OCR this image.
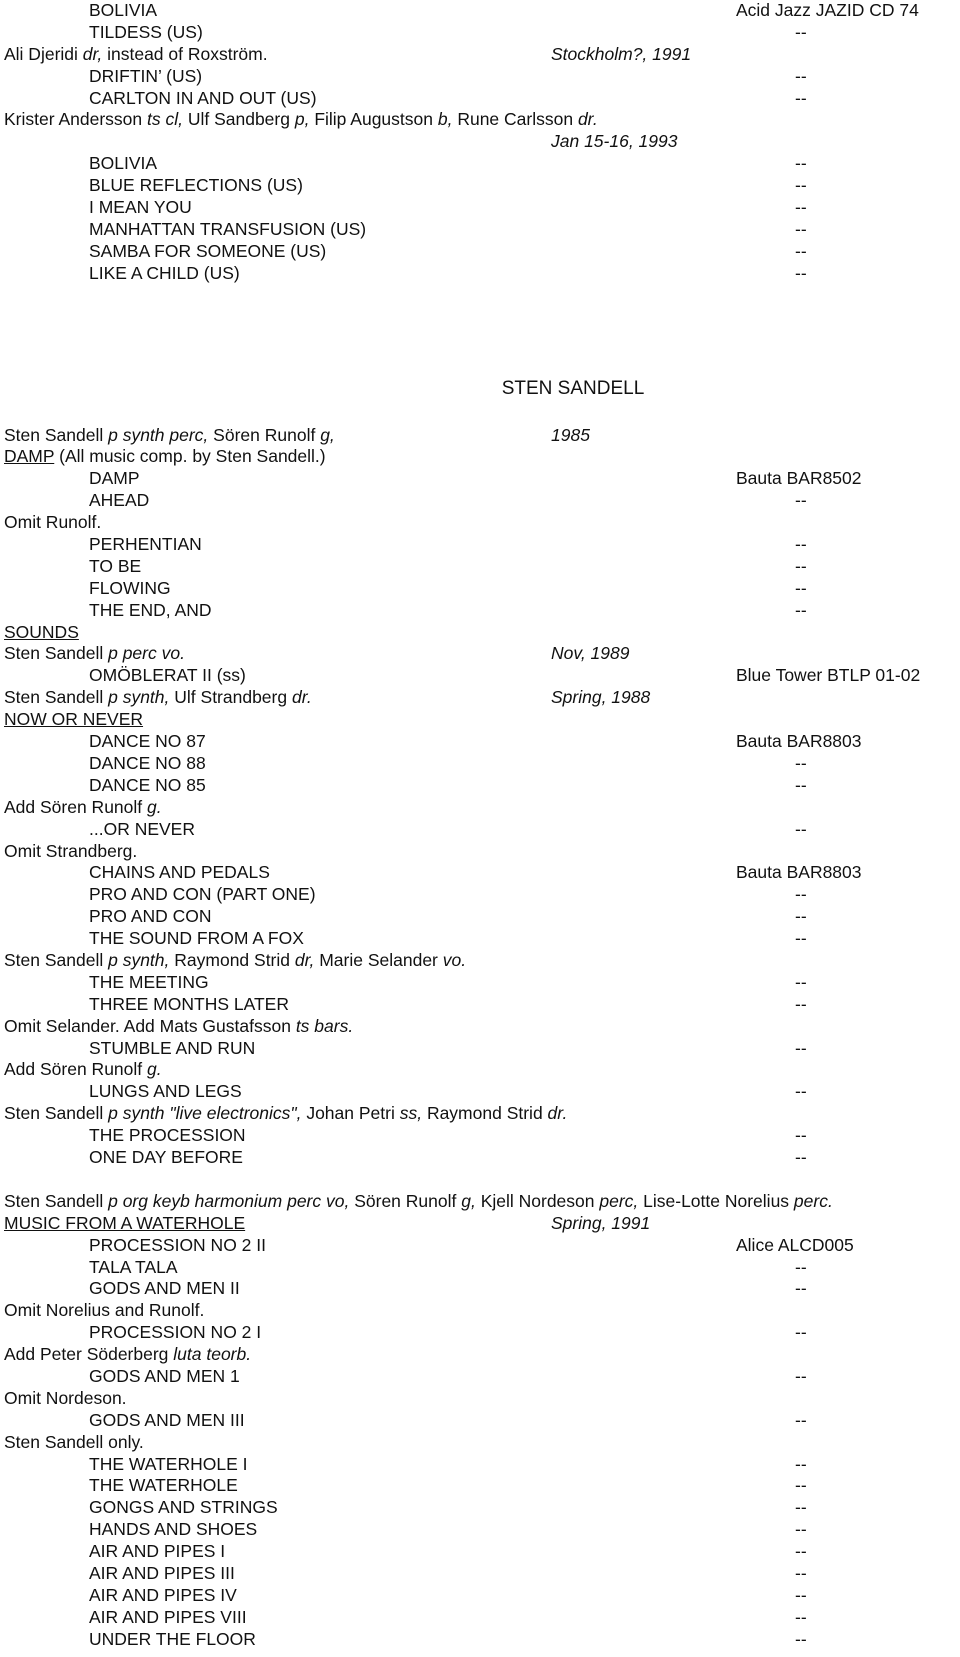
BOLIVIA	Acid Jazz JAZID CD 74
TILDESS (US)	--
Ali Djeridi dr, instead of Roxström.	Stockholm?, 1991
DRIFTIN’ (US)	--
CARLTON IN AND OUT (US)	--
Krister Andersson ts cl, Ulf Sandberg p, Filip Augustson b, Rune Carlsson dr.
Jan 15-16, 1993
BOLIVIA	--
BLUE REFLECTIONS (US)	--
I MEAN YOU	--
MANHATTAN TRANSFUSION (US)	--
SAMBA FOR SOMEONE (US)	--
LIKE A CHILD (US)	--
STEN SANDELL
Sten Sandell p synth perc, Sören Runolf g,	1985
DAMP (All music comp. by Sten Sandell.)
DAMP	Bauta BAR8502
AHEAD	--
Omit Runolf.
PERHENTIAN	--
TO BE	--
FLOWING	--
THE END, AND	--
SOUNDS
Sten Sandell p perc vo.	Nov, 1989
OMÖBLERAT II (ss)	Blue Tower BTLP 01-02
Sten Sandell p synth, Ulf Strandberg dr.	Spring, 1988
NOW OR NEVER
DANCE NO 87	Bauta BAR8803
DANCE NO 88	--
DANCE NO 85	--
Add Sören Runolf g.
...OR NEVER	--
Omit Strandberg.
CHAINS AND PEDALS	Bauta BAR8803
PRO AND CON (PART ONE)	--
PRO AND CON	--
THE SOUND FROM A FOX	--
Sten Sandell p synth, Raymond Strid dr, Marie Selander vo.
THE MEETING	--
THREE MONTHS LATER	--
Omit Selander. Add Mats Gustafsson ts bars.
STUMBLE AND RUN	--
Add Sören Runolf g.
LUNGS AND LEGS	--
Sten Sandell p synth "live electronics", Johan Petri ss, Raymond Strid dr.
THE PROCESSION	--
ONE DAY BEFORE	--
Sten Sandell p org keyb harmonium perc vo, Sören Runolf g, Kjell Nordeson perc, Lise-Lotte Norelius perc.
MUSIC FROM A WATERHOLE	Spring, 1991
PROCESSION NO 2 II	Alice ALCD005
TALA TALA	--
GODS AND MEN II	--
Omit Norelius and Runolf.
PROCESSION NO 2 I	--
Add Peter Söderberg luta teorb.
GODS AND MEN 1	--
Omit Nordeson.
GODS AND MEN III	--
Sten Sandell only.
THE WATERHOLE I	--
THE WATERHOLE	--
GONGS AND STRINGS	--
HANDS AND SHOES	--
AIR AND PIPES I	--
AIR AND PIPES III	--
AIR AND PIPES IV	--
AIR AND PIPES VIII	--
UNDER THE FLOOR	--
